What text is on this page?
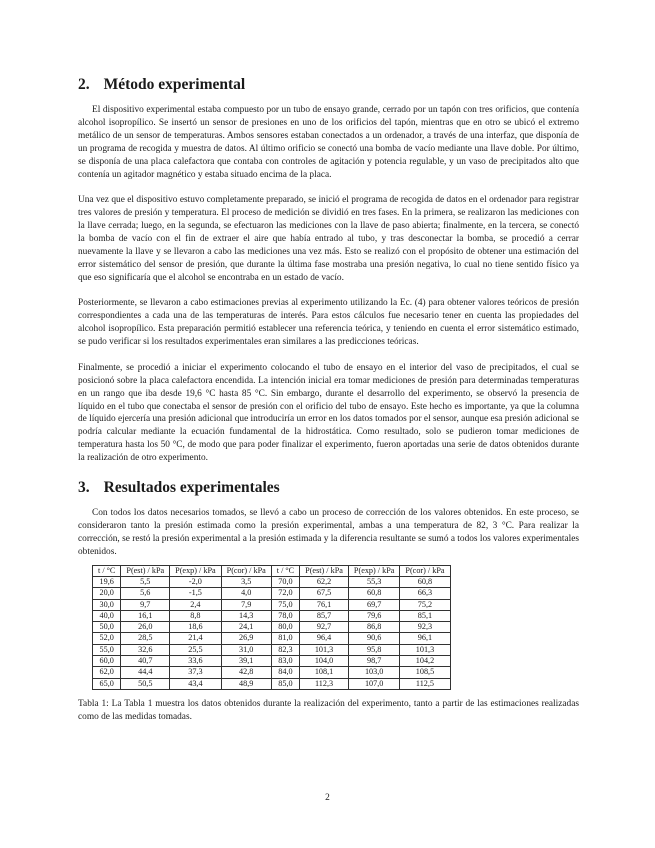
2. Método experimental

El dispositivo experimental estaba compuesto por un tubo de ensayo grande, cerrado por un tapón con tres orificios, que contenía alcohol isopropílico. Se insertó un sensor de presiones en uno de los orificios del tapón, mientras que en otro se ubicó el extremo metálico de un sensor de temperaturas. Ambos sensores estaban conectados a un ordenador, a través de una interfaz, que disponía de un programa de recogida y muestra de datos. Al último orificio se conectó una bomba de vacío mediante una llave doble. Por último, se disponía de una placa calefactora que contaba con controles de agitación y potencia regulable, y un vaso de precipitados alto que contenía un agitador magnético y estaba situado encima de la placa.

Una vez que el dispositivo estuvo completamente preparado, se inició el programa de recogida de datos en el ordenador para registrar tres valores de presión y temperatura. El proceso de medición se dividió en tres fases. En la primera, se realizaron las mediciones con la llave cerrada; luego, en la segunda, se efectuaron las mediciones con la llave de paso abierta; finalmente, en la tercera, se conectó la bomba de vacío con el fin de extraer el aire que había entrado al tubo, y tras desconectar la bomba, se procedió a cerrar nuevamente la llave y se llevaron a cabo las mediciones una vez más. Esto se realizó con el propósito de obtener una estimación del error sistemático del sensor de presión, que durante la última fase mostraba una presión negativa, lo cual no tiene sentido físico ya que eso significaría que el alcohol se encontraba en un estado de vacío.

Posteriormente, se llevaron a cabo estimaciones previas al experimento utilizando la Ec. (4) para obtener valores teóricos de presión correspondientes a cada una de las temperaturas de interés. Para estos cálculos fue necesario tener en cuenta las propiedades del alcohol isopropílico. Esta preparación permitió establecer una referencia teórica, y teniendo en cuenta el error sistemático estimado, se pudo verificar si los resultados experimentales eran similares a las predicciones teóricas.

Finalmente, se procedió a iniciar el experimento colocando el tubo de ensayo en el interior del vaso de precipitados, el cual se posicionó sobre la placa calefactora encendida. La intención inicial era tomar mediciones de presión para determinadas temperaturas en un rango que iba desde 19,6 °C hasta 85 °C. Sin embargo, durante el desarrollo del experimento, se observó la presencia de líquido en el tubo que conectaba el sensor de presión con el orificio del tubo de ensayo. Este hecho es importante, ya que la columna de líquido ejercería una presión adicional que introduciría un error en los datos tomados por el sensor, aunque esa presión adicional se podría calcular mediante la ecuación fundamental de la hidrostática. Como resultado, solo se pudieron tomar mediciones de temperatura hasta los 50 °C, de modo que para poder finalizar el experimento, fueron aportadas una serie de datos obtenidos durante la realización de otro experimento.

3. Resultados experimentales

Con todos los datos necesarios tomados, se llevó a cabo un proceso de corrección de los valores obtenidos. En este proceso, se consideraron tanto la presión estimada como la presión experimental, ambas a una temperatura de 82, 3 °C. Para realizar la corrección, se restó la presión experimental a la presión estimada y la diferencia resultante se sumó a todos los valores experimentales obtenidos.

t / °C	P(est) / kPa	P(exp) / kPa	P(cor) / kPa	t / °C	P(est) / kPa	P(exp) / kPa	P(cor) / kPa
19,6	5,5	-2,0	3,5	70,0	62,2	55,3	60,8
20,0	5,6	-1,5	4,0	72,0	67,5	60,8	66,3
30,0	9,7	2,4	7,9	75,0	76,1	69,7	75,2
40,0	16,1	8,8	14,3	78,0	85,7	79,6	85,1
50,0	26,0	18,6	24,1	80,0	92,7	86,8	92,3
52,0	28,5	21,4	26,9	81,0	96,4	90,6	96,1
55,0	32,6	25,5	31,0	82,3	101,3	95,8	101,3
60,0	40,7	33,6	39,1	83,0	104,0	98,7	104,2
62,0	44,4	37,3	42,8	84,0	108,1	103,0	108,5
65,0	50,5	43,4	48,9	85,0	112,3	107,0	112,5

Tabla 1: La Tabla 1 muestra los datos obtenidos durante la realización del experimento, tanto a partir de las estimaciones realizadas como de las medidas tomadas.

2
